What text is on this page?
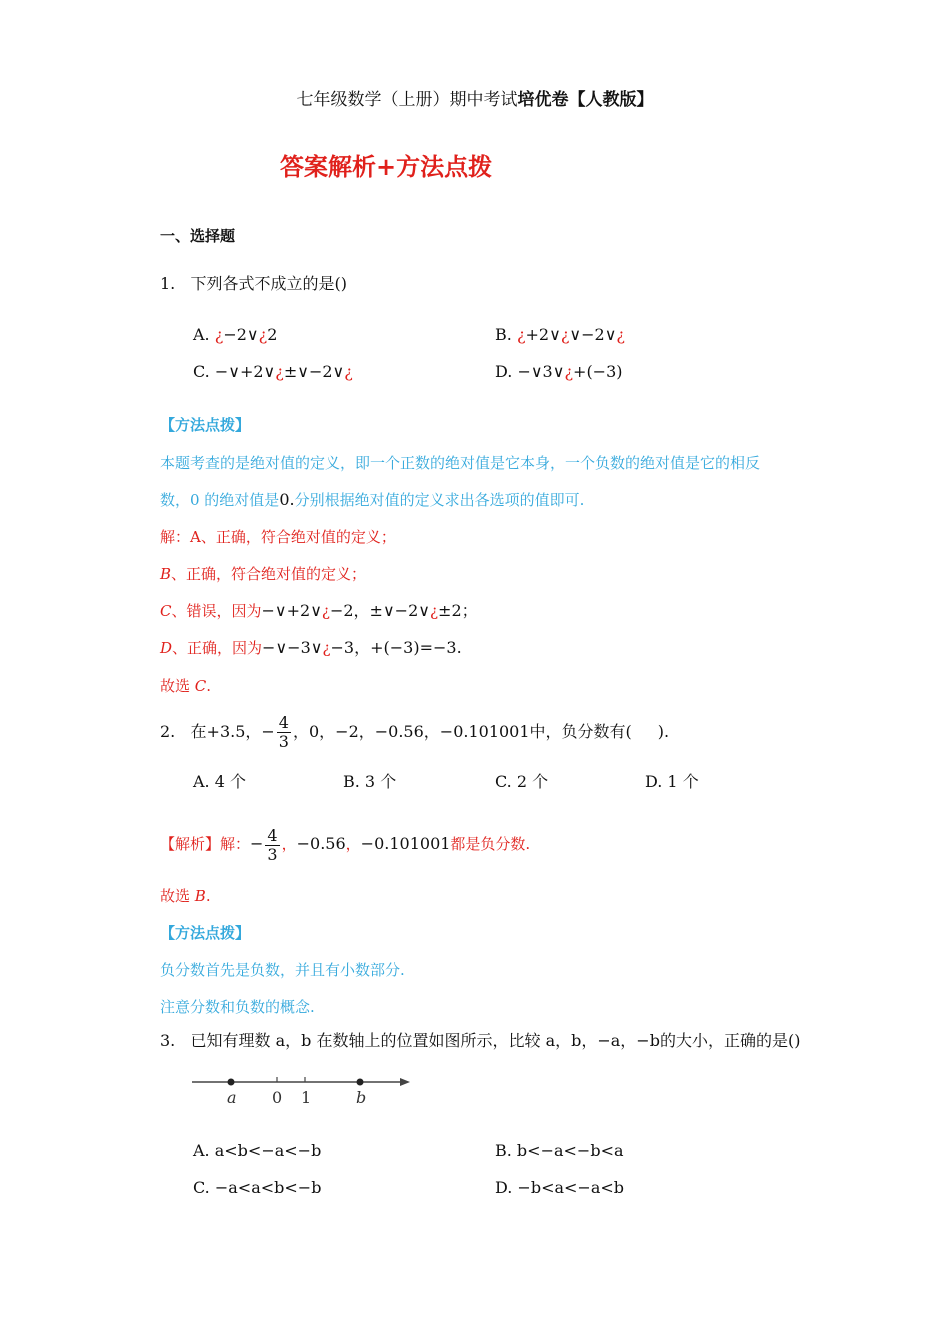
七年级数学（上册）期中考试培优卷【人教版】
答案解析+方法点拨
一、选择题
1. 下列各式不成立的是()
A. ¿−2∨¿2	B. ¿+2∨¿∨−2∨¿
C. −∨+2∨¿±∨−2∨¿	D. −∨3∨¿+(−3)
【方法点拨】
本题考查的是绝对值的定义，即一个正数的绝对值是它本身，一个负数的绝对值是它的相反
数，0 的绝对值是0.分别根据绝对值的定义求出各选项的值即可.
解：A、正确，符合绝对值的定义；
B、正确，符合绝对值的定义；
C、错误，因为−∨+2∨¿−2，±∨−2∨¿±2；
D、正确，因为−∨−3∨¿−3，+(−3)=−3.
故选 C.
2. 在+3.5，− $\frac{4}{3}$ ，0，−2，−0.56，−0.101001中，负分数有( ).
A. 4 个	B. 3 个	C. 2 个	D. 1 个
【解析】解：− $\frac{4}{3}$ ，−0.56，−0.101001都是负分数.
故选 B.
【方法点拨】
负分数首先是负数，并且有小数部分.
注意分数和负数的概念.
3. 已知有理数 a，b 在数轴上的位置如图所示，比较 a，b，−a，−b的大小，正确的是()
a 0 1	b
A. a<b<−a<−b	B. b<−a<−b<a
C. −a<a<b<−b	D. −b<a<−a<b
